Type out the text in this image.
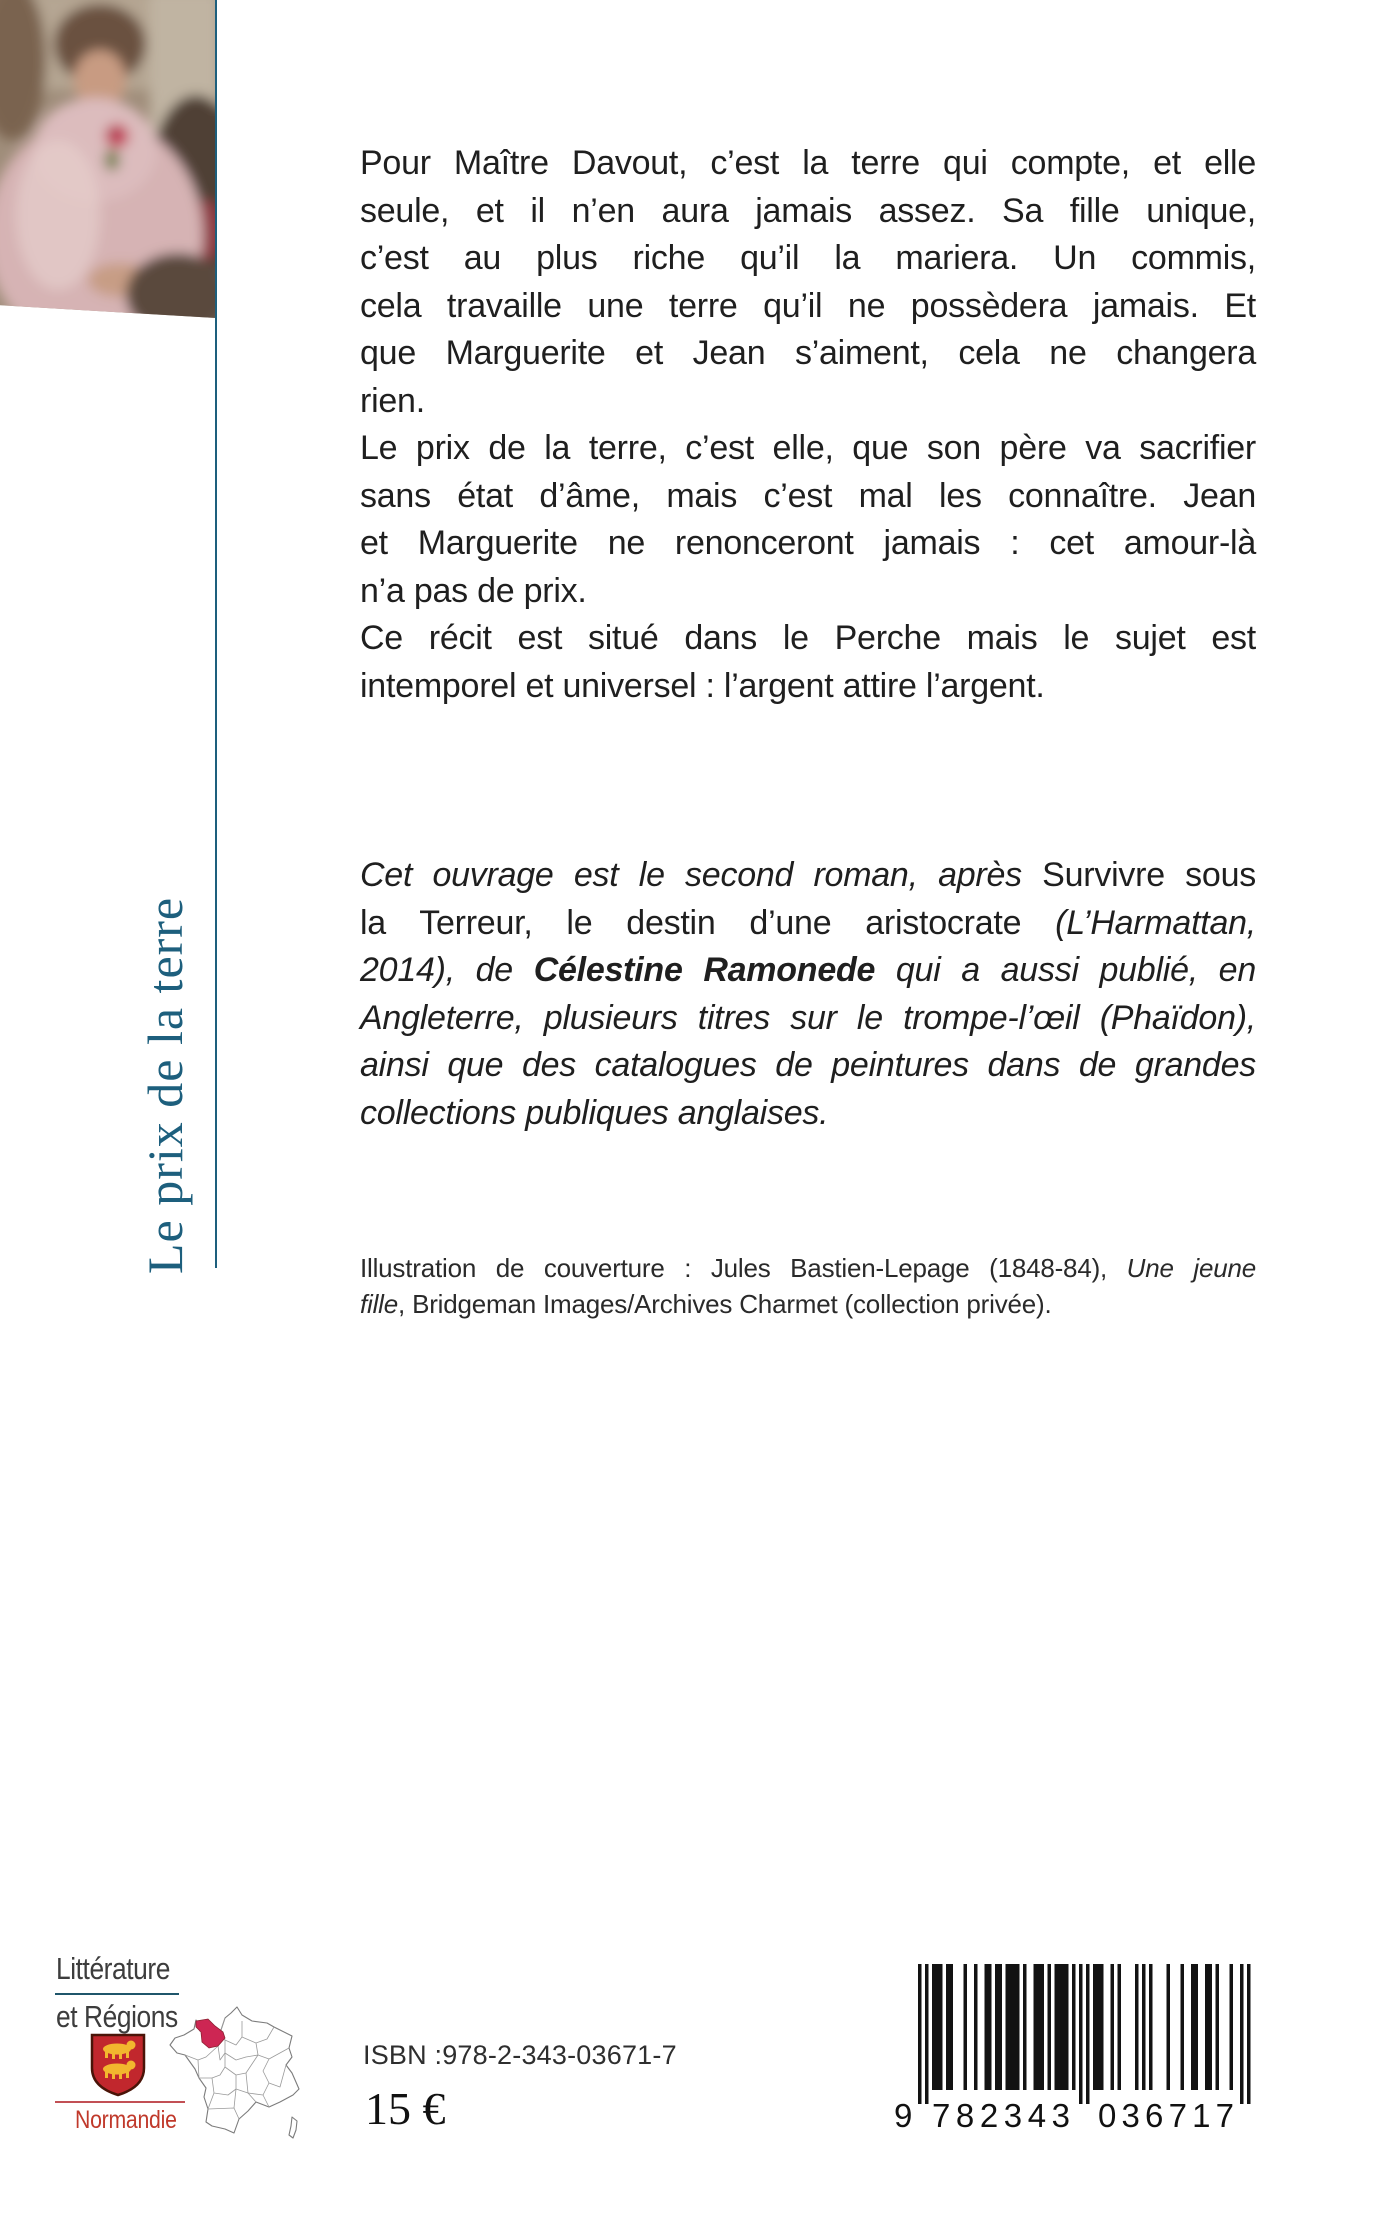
Le prix de la terre
Pour Maître Davout, c’est la terre qui compte, et elle
seule, et il n’en aura jamais assez. Sa fille unique,
c’est au plus riche qu’il la mariera. Un commis,
cela travaille une terre qu’il ne possèdera jamais. Et
que Marguerite et Jean s’aiment, cela ne changera
rien.
Le prix de la terre, c’est elle, que son père va sacrifier
sans état d’âme, mais c’est mal les connaître. Jean
et Marguerite ne renonceront jamais : cet amour-là
n’a pas de prix.
Ce récit est situé dans le Perche mais le sujet est
intemporel et universel : l’argent attire l’argent.
Cet ouvrage est le second roman, après Survivre sous
la Terreur, le destin d’une aristocrate (L’Harmattan,
2014), de Célestine Ramonede qui a aussi publié, en
Angleterre, plusieurs titres sur le trompe-l’œil (Phaïdon),
ainsi que des catalogues de peintures dans de grandes
collections publiques anglaises.
Illustration de couverture : Jules Bastien-Lepage (1848-84), Une jeune
fille, Bridgeman Images/Archives Charmet (collection privée).
Littérature
et Régions
Normandie
ISBN :978-2-343-03671-7
15 €	9 782343 036717
